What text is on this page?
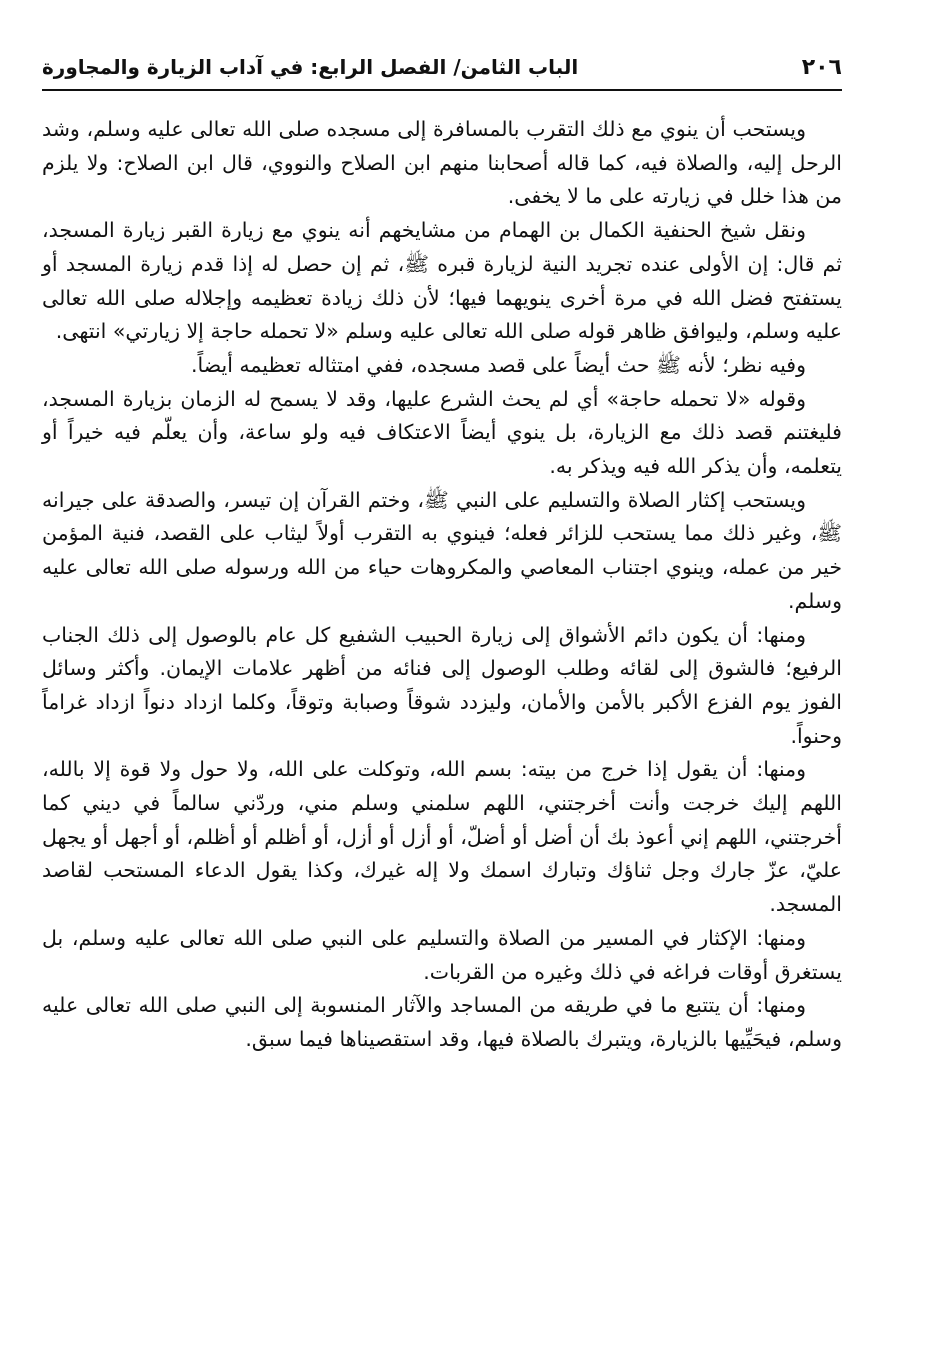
٢٠٦
الباب الثامن/ الفصل الرابع: في آداب الزيارة والمجاورة

ويستحب أن ينوي مع ذلك التقرب بالمسافرة إلى مسجده صلى الله تعالى عليه وسلم، وشد الرحل إليه، والصلاة فيه، كما قاله أصحابنا منهم ابن الصلاح والنووي، قال ابن الصلاح: ولا يلزم من هذا خلل في زيارته على ما لا يخفى.

ونقل شيخ الحنفية الكمال بن الهمام من مشايخهم أنه ينوي مع زيارة القبر زيارة المسجد، ثم قال: إن الأولى عنده تجريد النية لزيارة قبره ﷺ، ثم إن حصل له إذا قدم زيارة المسجد أو يستفتح فضل الله في مرة أخرى ينويهما فيها؛ لأن ذلك زيادة تعظيمه وإجلاله صلى الله تعالى عليه وسلم، وليوافق ظاهر قوله صلى الله تعالى عليه وسلم «لا تحمله حاجة إلا زيارتي» انتهى.

وفيه نظر؛ لأنه ﷺ حث أيضاً على قصد مسجده، ففي امتثاله تعظيمه أيضاً.

وقوله «لا تحمله حاجة» أي لم يحث الشرع عليها، وقد لا يسمح له الزمان بزيارة المسجد، فليغتنم قصد ذلك مع الزيارة، بل ينوي أيضاً الاعتكاف فيه ولو ساعة، وأن يعلّم فيه خيراً أو يتعلمه، وأن يذكر الله فيه ويذكر به.

ويستحب إكثار الصلاة والتسليم على النبي ﷺ، وختم القرآن إن تيسر، والصدقة على جيرانه ﷺ، وغير ذلك مما يستحب للزائر فعله؛ فينوي به التقرب أولاً ليثاب على القصد، فنية المؤمن خير من عمله، وينوي اجتناب المعاصي والمكروهات حياء من الله ورسوله صلى الله تعالى عليه وسلم.

ومنها: أن يكون دائم الأشواق إلى زيارة الحبيب الشفيع كل عام بالوصول إلى ذلك الجناب الرفيع؛ فالشوق إلى لقائه وطلب الوصول إلى فنائه من أظهر علامات الإيمان. وأكثر وسائل الفوز يوم الفزع الأكبر بالأمن والأمان، وليزدد شوقاً وصبابة وتوقاً، وكلما ازداد دنواً ازداد غراماً وحنواً.

ومنها: أن يقول إذا خرج من بيته: بسم الله، وتوكلت على الله، ولا حول ولا قوة إلا بالله، اللهم إليك خرجت وأنت أخرجتني، اللهم سلمني وسلم مني، وردّني سالماً في ديني كما أخرجتني، اللهم إني أعوذ بك أن أضل أو أضلّ، أو أزل أو أزل، أو أظلم أو أظلم، أو أجهل أو يجهل عليّ، عزّ جارك وجل ثناؤك وتبارك اسمك ولا إله غيرك، وكذا يقول الدعاء المستحب لقاصد المسجد.

ومنها: الإكثار في المسير من الصلاة والتسليم على النبي صلى الله تعالى عليه وسلم، بل يستغرق أوقات فراغه في ذلك وغيره من القربات.

ومنها: أن يتتبع ما في طريقه من المساجد والآثار المنسوبة إلى النبي صلى الله تعالى عليه وسلم، فيحَيِّيها بالزيارة، ويتبرك بالصلاة فيها، وقد استقصيناها فيما سبق.
